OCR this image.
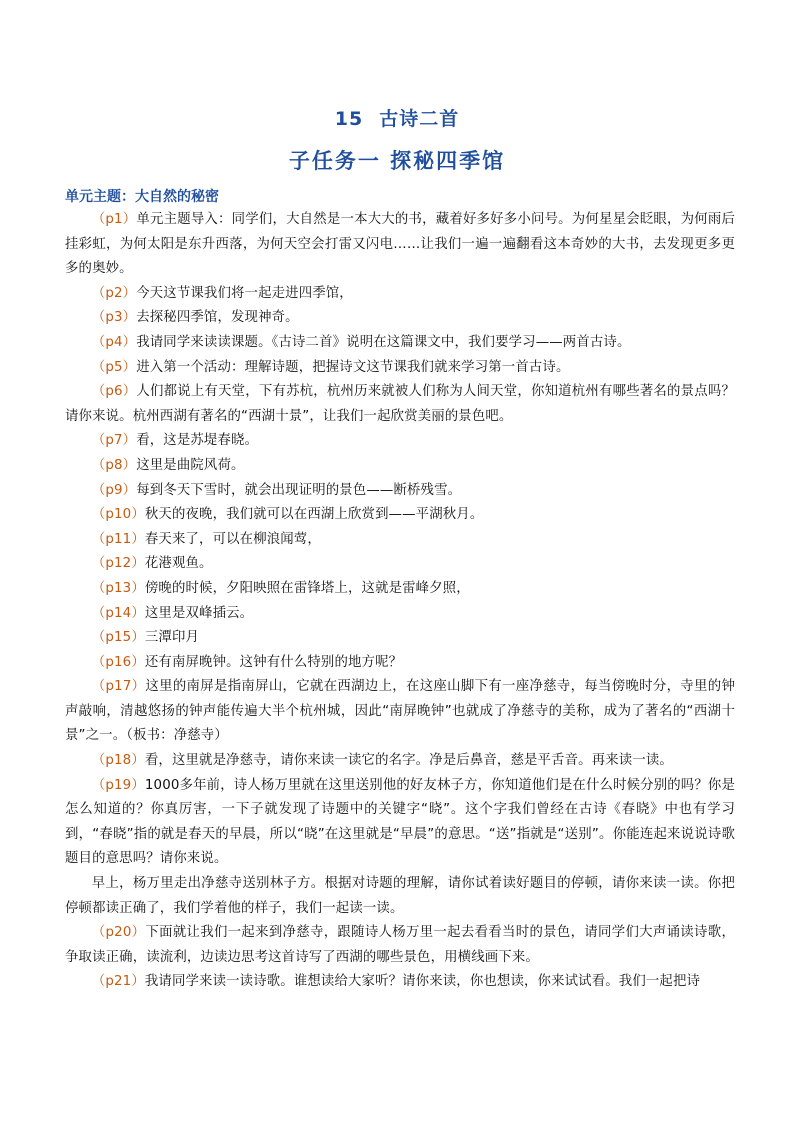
15 古诗二首
子任务一 探秘四季馆
单元主题：大自然的秘密

（p1）单元主题导入：同学们，大自然是一本大大的书，藏着好多好多小问号。为何星星会眨眼，为何雨后挂彩虹，为何太阳是东升西落，为何天空会打雷又闪电……让我们一遍一遍翻看这本奇妙的大书，去发现更多更多的奥妙。

（p2）今天这节课我们将一起走进四季馆，

（p3）去探秘四季馆，发现神奇。

（p4）我请同学来读读课题。《古诗二首》说明在这篇课文中，我们要学习——两首古诗。

（p5）进入第一个活动：理解诗题，把握诗文这节课我们就来学习第一首古诗。

（p6）人们都说上有天堂，下有苏杭，杭州历来就被人们称为人间天堂，你知道杭州有哪些著名的景点吗？请你来说。杭州西湖有著名的“西湖十景”，让我们一起欣赏美丽的景色吧。

（p7）看，这是苏堤春晓。

（p8）这里是曲院风荷。

（p9）每到冬天下雪时，就会出现证明的景色——断桥残雪。

（p10）秋天的夜晚，我们就可以在西湖上欣赏到——平湖秋月。

（p11）春天来了，可以在柳浪闻莺，

（p12）花港观鱼。

（p13）傍晚的时候，夕阳映照在雷锋塔上，这就是雷峰夕照，

（p14）这里是双峰插云。

（p15）三潭印月

（p16）还有南屏晚钟。这钟有什么特别的地方呢？

（p17）这里的南屏是指南屏山，它就在西湖边上，在这座山脚下有一座净慈寺，每当傍晚时分，寺里的钟声敲响，清越悠扬的钟声能传遍大半个杭州城，因此“南屏晚钟”也就成了净慈寺的美称，成为了著名的“西湖十景”之一。（板书：净慈寺）

（p18）看，这里就是净慈寺，请你来读一读它的名字。净是后鼻音，慈是平舌音。再来读一读。

（p19）1000多年前，诗人杨万里就在这里送别他的好友林子方，你知道他们是在什么时候分别的吗？你是怎么知道的？你真厉害，一下子就发现了诗题中的关键字“晓”。这个字我们曾经在古诗《春晓》中也有学习到，“春晓”指的就是春天的早晨，所以“晓”在这里就是“早晨”的意思。“送”指就是“送别”。你能连起来说说诗歌题目的意思吗？请你来说。

早上，杨万里走出净慈寺送别林子方。根据对诗题的理解，请你试着读好题目的停顿，请你来读一读。你把停顿都读正确了，我们学着他的样子，我们一起读一读。

（p20）下面就让我们一起来到净慈寺，跟随诗人杨万里一起去看看当时的景色，请同学们大声诵读诗歌，争取读正确，读流利，边读边思考这首诗写了西湖的哪些景色，用横线画下来。

（p21）我请同学来读一读诗歌。谁想读给大家听？请你来读，你也想读，你来试试看。我们一起把诗
